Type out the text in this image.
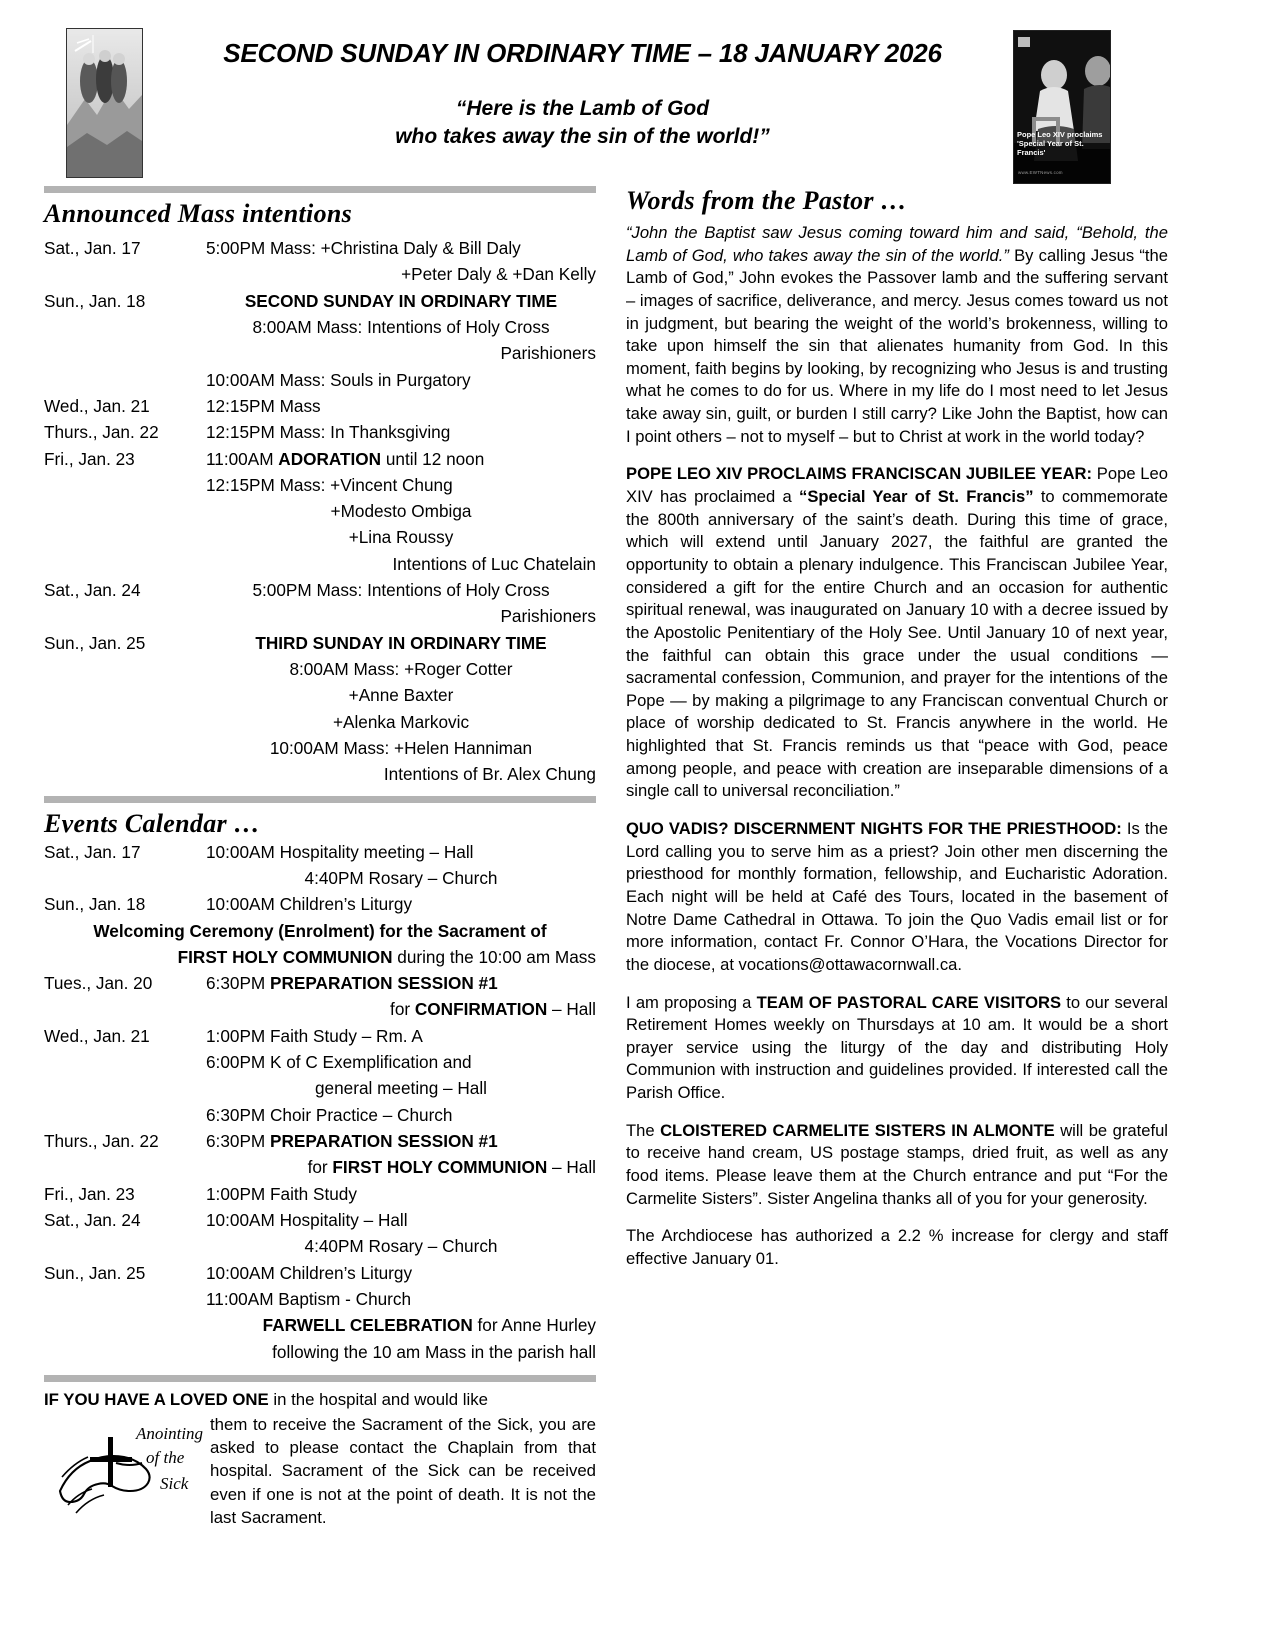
SECOND SUNDAY IN ORDINARY TIME – 18 JANUARY 2026
“Here is the Lamb of God
who takes away the sin of the world!”	Pope Leo XIV proclaims 'Special Year of St. Francis'
www.EWTNews.com
Announced Mass intentions
Sat., Jan. 17	5:00PM Mass: +Christina Daly & Bill Daly
+Peter Daly & +Dan Kelly
Sun., Jan. 18	SECOND SUNDAY IN ORDINARY TIME
8:00AM Mass: Intentions of Holy Cross
Parishioners
10:00AM Mass: Souls in Purgatory
Wed., Jan. 21	12:15PM Mass
Thurs., Jan. 22	12:15PM Mass: In Thanksgiving
Fri., Jan. 23	11:00AM ADORATION until 12 noon
12:15PM Mass: +Vincent Chung
+Modesto Ombiga
+Lina Roussy
Intentions of Luc Chatelain
Sat., Jan. 24	5:00PM Mass: Intentions of Holy Cross
Parishioners
Sun., Jan. 25	THIRD SUNDAY IN ORDINARY TIME
8:00AM Mass: +Roger Cotter
+Anne Baxter
+Alenka Markovic
10:00AM Mass: +Helen Hanniman
Intentions of Br. Alex Chung
Events Calendar …
Sat., Jan. 17	10:00AM Hospitality meeting – Hall
4:40PM Rosary – Church
Sun., Jan. 18	10:00AM Children’s Liturgy
Welcoming Ceremony (Enrolment) for the Sacrament of
FIRST HOLY COMMUNION during the 10:00 am Mass
Tues., Jan. 20	6:30PM PREPARATION SESSION #1
for CONFIRMATION – Hall
Wed., Jan. 21	1:00PM Faith Study – Rm. A
6:00PM K of C Exemplification and
general meeting – Hall
6:30PM Choir Practice – Church
Thurs., Jan. 22	6:30PM PREPARATION SESSION #1
for FIRST HOLY COMMUNION – Hall
Fri., Jan. 23	1:00PM Faith Study
Sat., Jan. 24	10:00AM Hospitality – Hall
4:40PM Rosary – Church
Sun., Jan. 25	10:00AM Children’s Liturgy
11:00AM Baptism - Church
FARWELL CELEBRATION for Anne Hurley
following the 10 am Mass in the parish hall
IF YOU HAVE A LOVED ONE in the hospital and would like
Anointing
of the
Sick
them to receive the Sacrament of the Sick, you are asked to please contact the Chaplain from that hospital. Sacrament of the Sick can be received even if one is not at the point of death. It is not the last Sacrament.
Words from the Pastor …
“John the Baptist saw Jesus coming toward him and said, “Behold, the Lamb of God, who takes away the sin of the world.” By calling Jesus “the Lamb of God,” John evokes the Passover lamb and the suffering servant – images of sacrifice, deliverance, and mercy. Jesus comes toward us not in judgment, but bearing the weight of the world’s brokenness, willing to take upon himself the sin that alienates humanity from God. In this moment, faith begins by looking, by recognizing who Jesus is and trusting what he comes to do for us. Where in my life do I most need to let Jesus take away sin, guilt, or burden I still carry? Like John the Baptist, how can I point others – not to myself – but to Christ at work in the world today?
POPE LEO XIV PROCLAIMS FRANCISCAN JUBILEE YEAR: Pope Leo XIV has proclaimed a “Special Year of St. Francis” to commemorate the 800th anniversary of the saint’s death. During this time of grace, which will extend until January 2027, the faithful are granted the opportunity to obtain a plenary indulgence. This Franciscan Jubilee Year, considered a gift for the entire Church and an occasion for authentic spiritual renewal, was inaugurated on January 10 with a decree issued by the Apostolic Penitentiary of the Holy See. Until January 10 of next year, the faithful can obtain this grace under the usual conditions — sacramental confession, Communion, and prayer for the intentions of the Pope — by making a pilgrimage to any Franciscan conventual Church or place of worship dedicated to St. Francis anywhere in the world. He highlighted that St. Francis reminds us that “peace with God, peace among people, and peace with creation are inseparable dimensions of a single call to universal reconciliation.”
QUO VADIS? DISCERNMENT NIGHTS FOR THE PRIESTHOOD: Is the Lord calling you to serve him as a priest? Join other men discerning the priesthood for monthly formation, fellowship, and Eucharistic Adoration. Each night will be held at Café des Tours, located in the basement of Notre Dame Cathedral in Ottawa. To join the Quo Vadis email list or for more information, contact Fr. Connor O’Hara, the Vocations Director for the diocese, at vocations@ottawacornwall.ca.
I am proposing a TEAM OF PASTORAL CARE VISITORS to our several Retirement Homes weekly on Thursdays at 10 am. It would be a short prayer service using the liturgy of the day and distributing Holy Communion with instruction and guidelines provided. If interested call the Parish Office.
The CLOISTERED CARMELITE SISTERS IN ALMONTE will be grateful to receive hand cream, US postage stamps, dried fruit, as well as any food items. Please leave them at the Church entrance and put “For the Carmelite Sisters”. Sister Angelina thanks all of you for your generosity.
The Archdiocese has authorized a 2.2 % increase for clergy and staff effective January 01.
